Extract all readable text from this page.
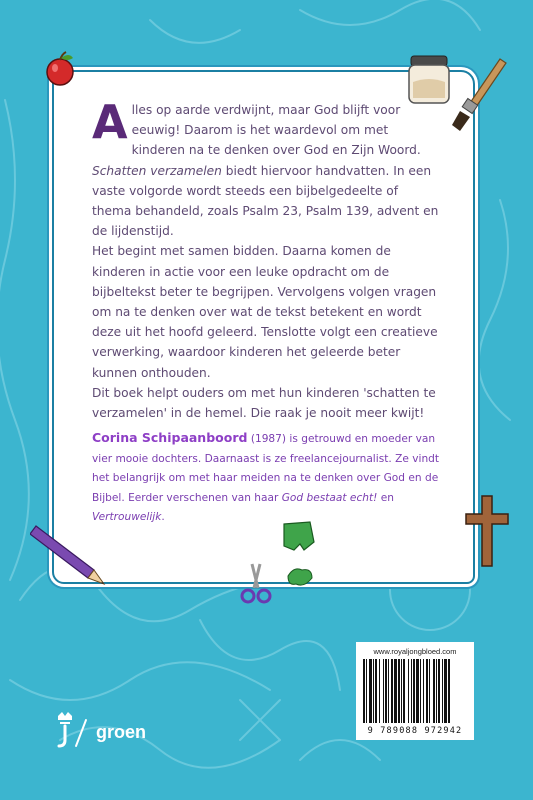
Alles op aarde verdwijnt, maar God blijft voor eeuwig! Daarom is het waardevol om met kinderen na te denken over God en Zijn Woord. Schatten verzamelen biedt hiervoor handvatten. In een vaste volgorde wordt steeds een bijbelgedeelte of thema behandeld, zoals Psalm 23, Psalm 139, advent en de lijdenstijd.

Het begint met samen bidden. Daarna komen de kinderen in actie voor een leuke opdracht om de bijbeltekst beter te begrijpen. Vervolgens volgen vragen om na te denken over wat de tekst betekent en wordt deze uit het hoofd geleerd. Tenslotte volgt een creatieve verwerking, waardoor kinderen het geleerde beter kunnen onthouden.

Dit boek helpt ouders om met hun kinderen 'schatten te verzamelen' in de hemel. Die raak je nooit meer kwijt!

Corina Schipaanboord (1987) is getrouwd en moeder van vier mooie dochters. Daarnaast is ze freelancejournalist. Ze vindt het belangrijk om met haar meiden na te denken over God en de Bijbel. Eerder verschenen van haar God bestaat echt! en Vertrouwelijk.
www.royaljongbloed.com
9 789088 972942
groen
